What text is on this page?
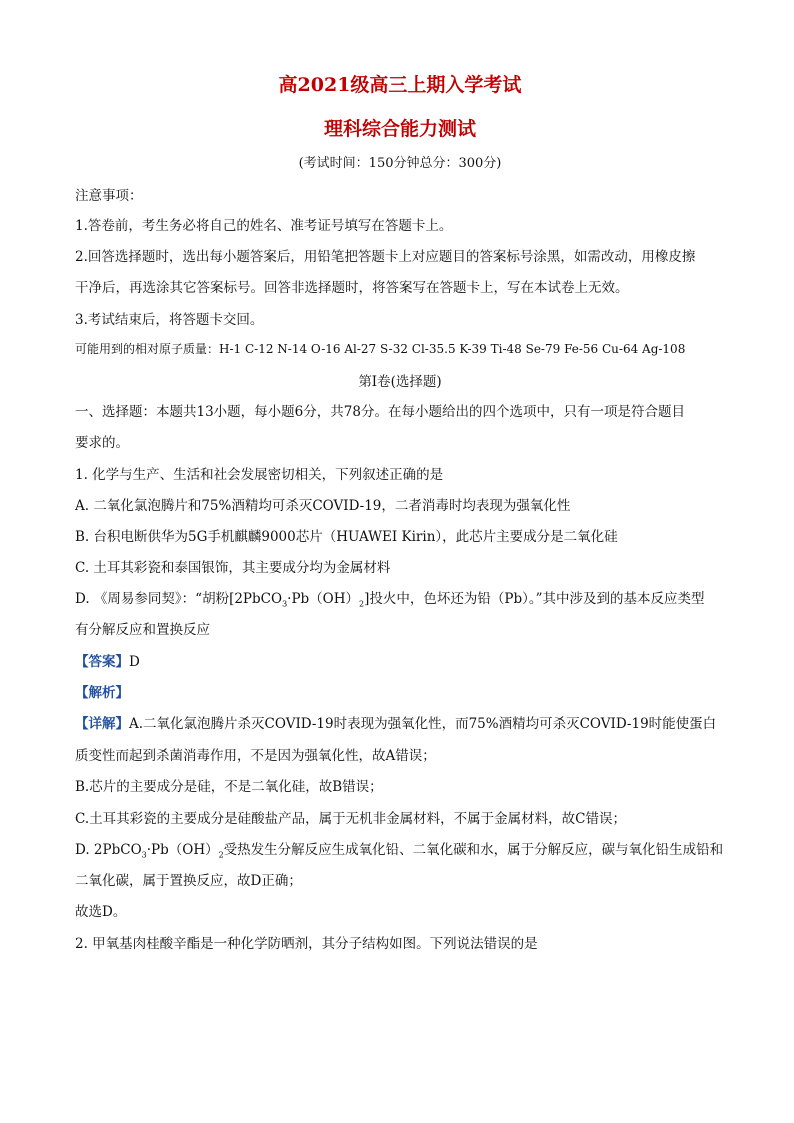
高2021级高三上期入学考试
理科综合能力测试
(考试时间：150分钟总分：300分)
注意事项：
1.答卷前，考生务必将自己的姓名、准考证号填写在答题卡上。
2.回答选择题时，选出每小题答案后，用铅笔把答题卡上对应题目的答案标号涂黑，如需改动，用橡皮擦
干净后，再选涂其它答案标号。回答非选择题时，将答案写在答题卡上，写在本试卷上无效。
3.考试结束后，将答题卡交回。
可能用到的相对原子质量：H-1 C-12 N-14 O-16 Al-27 S-32 Cl-35.5 K-39 Ti-48 Se-79 Fe-56 Cu-64 Ag-108
第Ⅰ卷(选择题)
一、选择题：本题共13小题，每小题6分，共78分。在每小题给出的四个选项中，只有一项是符合题目
要求的。
1. 化学与生产、生活和社会发展密切相关，下列叙述正确的是
A. 二氧化氯泡腾片和75%酒精均可杀灭COVID-19，二者消毒时均表现为强氧化性
B. 台积电断供华为5G手机麒麟9000芯片（HUAWEI Kirin），此芯片主要成分是二氧化硅
C. 土耳其彩瓷和泰国银饰，其主要成分均为金属材料
D. 《周易参同契》：“胡粉$[2PbCO_3\cdot Pb(OH)_2]$投火中，色坏还为铅（Pb）。”其中涉及到的基本反应类型
有分解反应和置换反应
【答案】D
【解析】
【详解】A.二氧化氯泡腾片杀灭COVID-19时表现为强氧化性，而75%酒精均可杀灭COVID-19时能使蛋白
质变性而起到杀菌消毒作用，不是因为强氧化性，故A错误；
B.芯片的主要成分是硅，不是二氧化硅，故B错误；
C.土耳其彩瓷的主要成分是硅酸盐产品，属于无机非金属材料，不属于金属材料，故C错误；
D. $2PbCO_3\cdot Pb(OH)_2$受热发生分解反应生成氧化铅、二氧化碳和水，属于分解反应，碳与氧化铅生成铅和
二氧化碳，属于置换反应，故D正确；
故选D。
2. 甲氧基肉桂酸辛酯是一种化学防晒剂，其分子结构如图。下列说法错误的是
